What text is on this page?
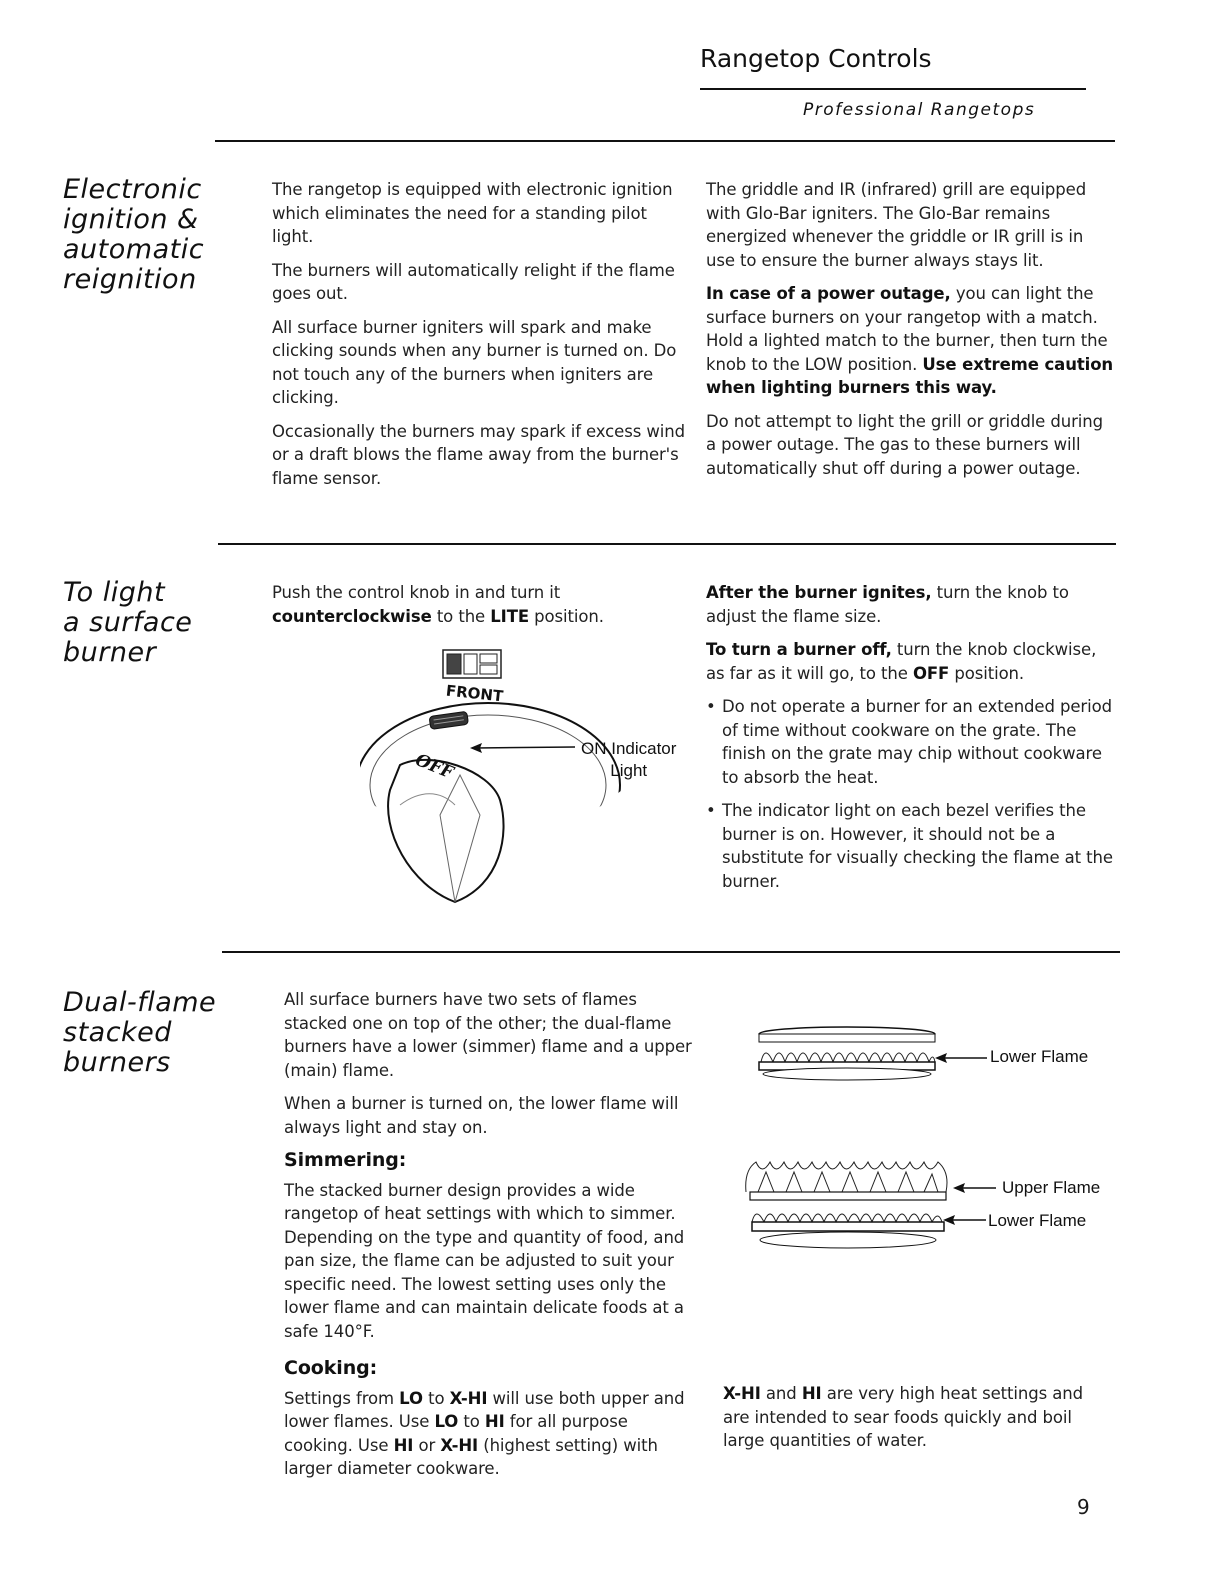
Rangetop Controls
Professional Rangetops
Electronic
ignition &
automatic
reignition

The rangetop is equipped with electronic ignition which eliminates the need for a standing pilot light.

The burners will automatically relight if the flame goes out.

All surface burner igniters will spark and make clicking sounds when any burner is turned on. Do not touch any of the burners when igniters are clicking.

Occasionally the burners may spark if excess wind or a draft blows the flame away from the burner's flame sensor.

The griddle and IR (infrared) grill are equipped with Glo-Bar igniters. The Glo-Bar remains energized whenever the griddle or IR grill is in use to ensure the burner always stays lit.

In case of a power outage, you can light the surface burners on your rangetop with a match. Hold a lighted match to the burner, then turn the knob to the LOW position. Use extreme caution when lighting burners this way.

Do not attempt to light the grill or griddle during a power outage. The gas to these burners will automatically shut off during a power outage.

To light
a surface
burner

Push the control knob in and turn it counterclockwise to the LITE position.

FRONT
OFF
ON Indicator
Light

After the burner ignites, turn the knob to adjust the flame size.

To turn a burner off, turn the knob clockwise, as far as it will go, to the OFF position.

• Do not operate a burner for an extended period of time without cookware on the grate. The finish on the grate may chip without cookware to absorb the heat.
• The indicator light on each bezel verifies the burner is on. However, it should not be a substitute for visually checking the flame at the burner.
Dual-flame
stacked
burners

All surface burners have two sets of flames stacked one on top of the other; the dual-flame burners have a lower (simmer) flame and a upper (main) flame.

When a burner is turned on, the lower flame will always light and stay on.

Simmering:

The stacked burner design provides a wide rangetop of heat settings with which to simmer. Depending on the type and quantity of food, and pan size, the flame can be adjusted to suit your specific need. The lowest setting uses only the lower flame and can maintain delicate foods at a safe 140°F.

Cooking:

Settings from LO to X-HI will use both upper and lower flames. Use LO to HI for all purpose cooking. Use HI or X-HI (highest setting) with larger diameter cookware.

Lower Flame
Upper Flame
Lower Flame

X-HI and HI are very high heat settings and are intended to sear foods quickly and boil large quantities of water.

9
